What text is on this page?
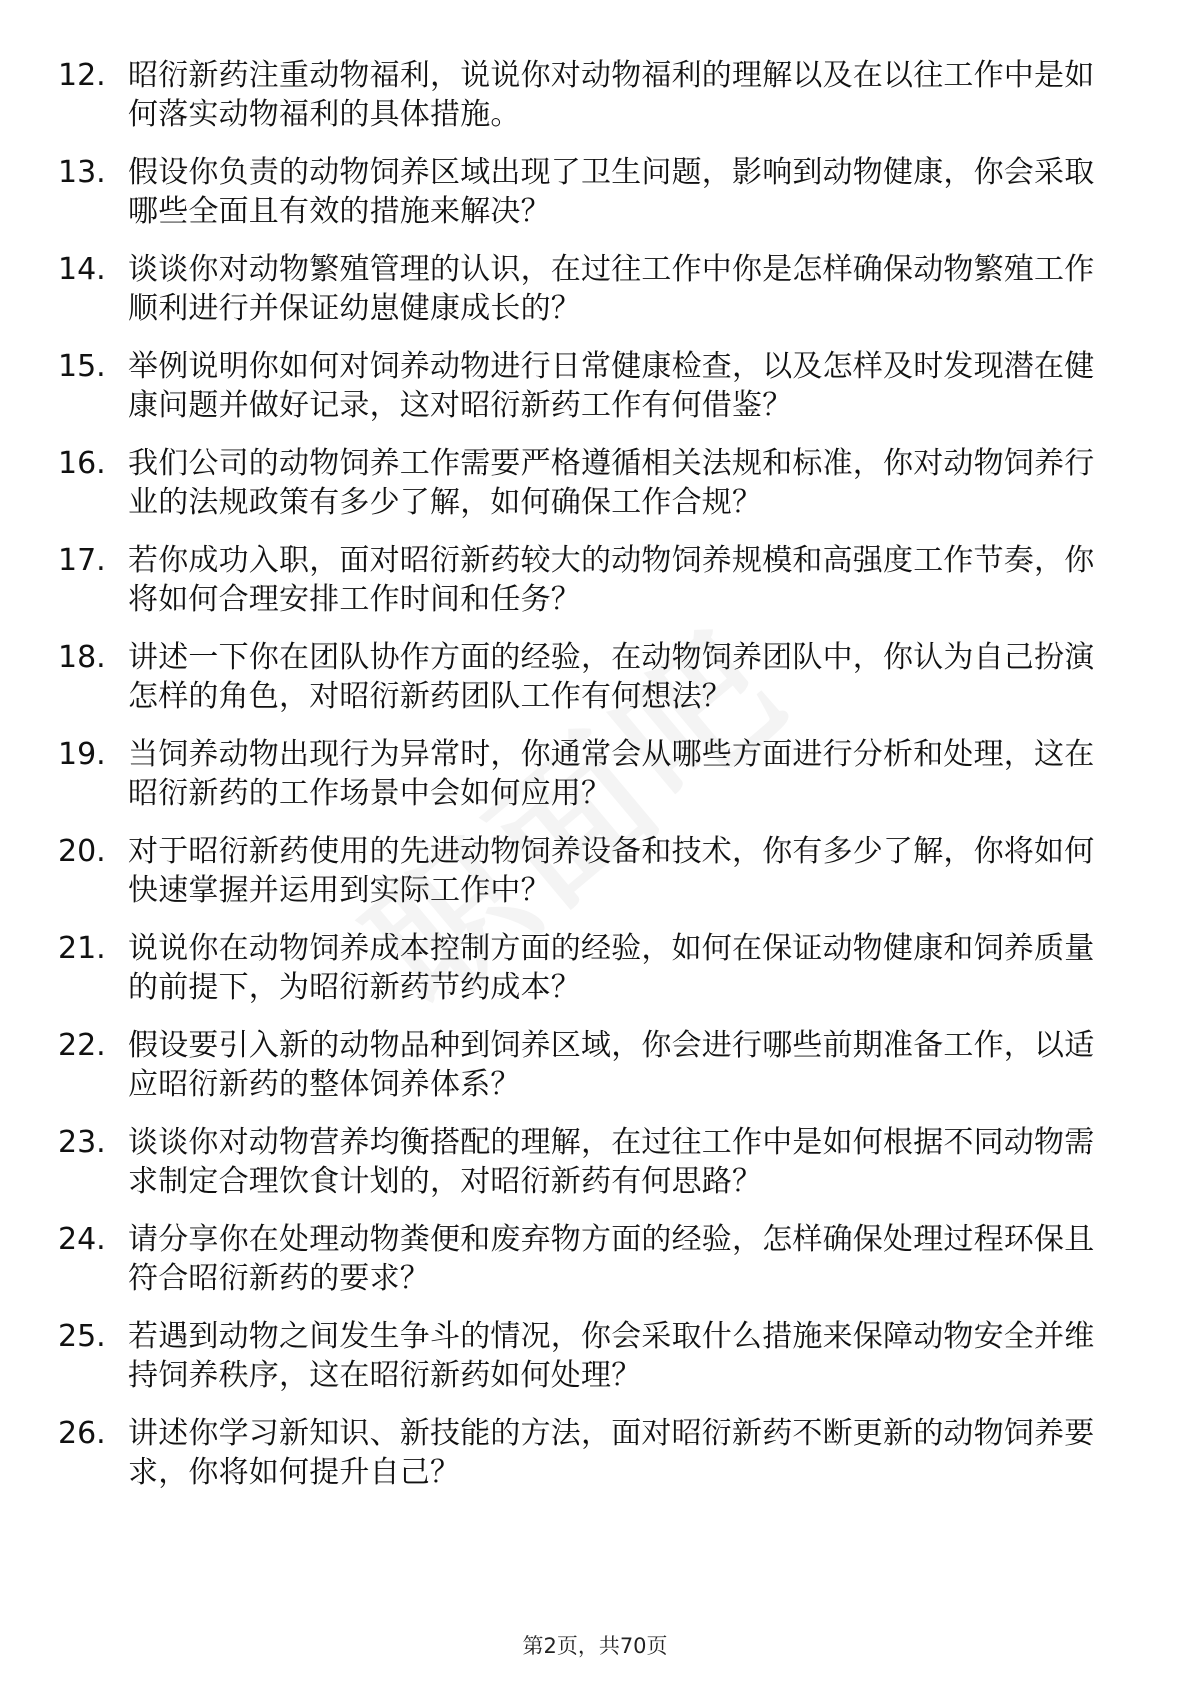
12. 昭衍新药注重动物福利，说说你对动物福利的理解以及在以往工作中是如何落实动物福利的具体措施。
13. 假设你负责的动物饲养区域出现了卫生问题，影响到动物健康，你会采取哪些全面且有效的措施来解决？
14. 谈谈你对动物繁殖管理的认识，在过往工作中你是怎样确保动物繁殖工作顺利进行并保证幼崽健康成长的？
15. 举例说明你如何对饲养动物进行日常健康检查，以及怎样及时发现潜在健康问题并做好记录，这对昭衍新药工作有何借鉴？
16. 我们公司的动物饲养工作需要严格遵循相关法规和标准，你对动物饲养行业的法规政策有多少了解，如何确保工作合规？
17. 若你成功入职，面对昭衍新药较大的动物饲养规模和高强度工作节奏，你将如何合理安排工作时间和任务？
18. 讲述一下你在团队协作方面的经验，在动物饲养团队中，你认为自己扮演怎样的角色，对昭衍新药团队工作有何想法？
19. 当饲养动物出现行为异常时，你通常会从哪些方面进行分析和处理，这在昭衍新药的工作场景中会如何应用？
20. 对于昭衍新药使用的先进动物饲养设备和技术，你有多少了解，你将如何快速掌握并运用到实际工作中？
21. 说说你在动物饲养成本控制方面的经验，如何在保证动物健康和饲养质量的前提下，为昭衍新药节约成本？
22. 假设要引入新的动物品种到饲养区域，你会进行哪些前期准备工作，以适应昭衍新药的整体饲养体系？
23. 谈谈你对动物营养均衡搭配的理解，在过往工作中是如何根据不同动物需求制定合理饮食计划的，对昭衍新药有何思路？
24. 请分享你在处理动物粪便和废弃物方面的经验，怎样确保处理过程环保且符合昭衍新药的要求？
25. 若遇到动物之间发生争斗的情况，你会采取什么措施来保障动物安全并维持饲养秩序，这在昭衍新药如何处理？
26. 讲述你学习新知识、新技能的方法，面对昭衍新药不断更新的动物饲养要求，你将如何提升自己？
第2页，共70页
